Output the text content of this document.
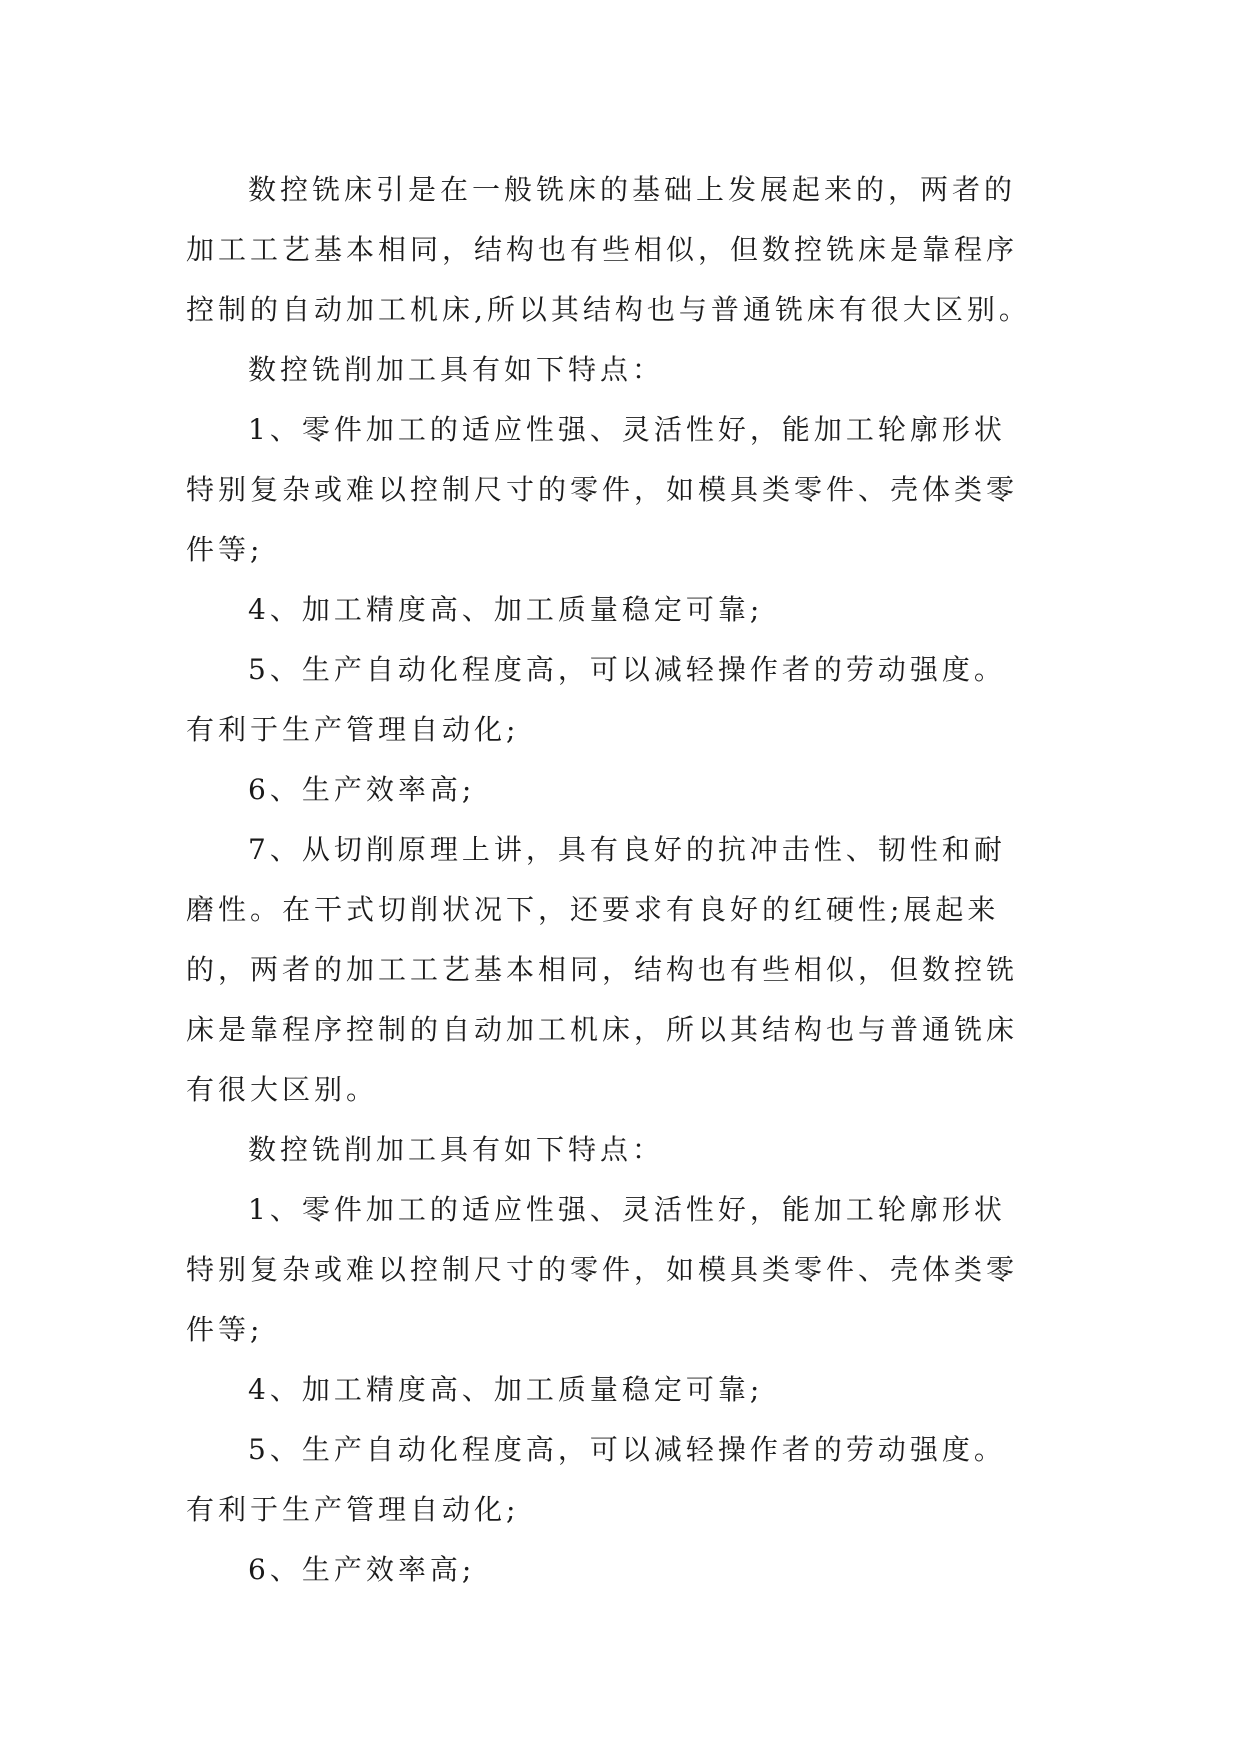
数控铣床引是在一般铣床的基础上发展起来的，两者的
加工工艺基本相同，结构也有些相似，但数控铣床是靠程序
控制的自动加工机床,所以其结构也与普通铣床有很大区别。
数控铣削加工具有如下特点：
1、零件加工的适应性强、灵活性好，能加工轮廓形状
特别复杂或难以控制尺寸的零件，如模具类零件、壳体类零
件等;
4、加工精度高、加工质量稳定可靠;
5、生产自动化程度高，可以减轻操作者的劳动强度。
有利于生产管理自动化;
6、生产效率高;
7、从切削原理上讲，具有良好的抗冲击性、韧性和耐
磨性。在干式切削状况下，还要求有良好的红硬性;展起来
的，两者的加工工艺基本相同，结构也有些相似，但数控铣
床是靠程序控制的自动加工机床，所以其结构也与普通铣床
有很大区别。
数控铣削加工具有如下特点：
1、零件加工的适应性强、灵活性好，能加工轮廓形状
特别复杂或难以控制尺寸的零件，如模具类零件、壳体类零
件等;
4、加工精度高、加工质量稳定可靠;
5、生产自动化程度高，可以减轻操作者的劳动强度。
有利于生产管理自动化;
6、生产效率高;
